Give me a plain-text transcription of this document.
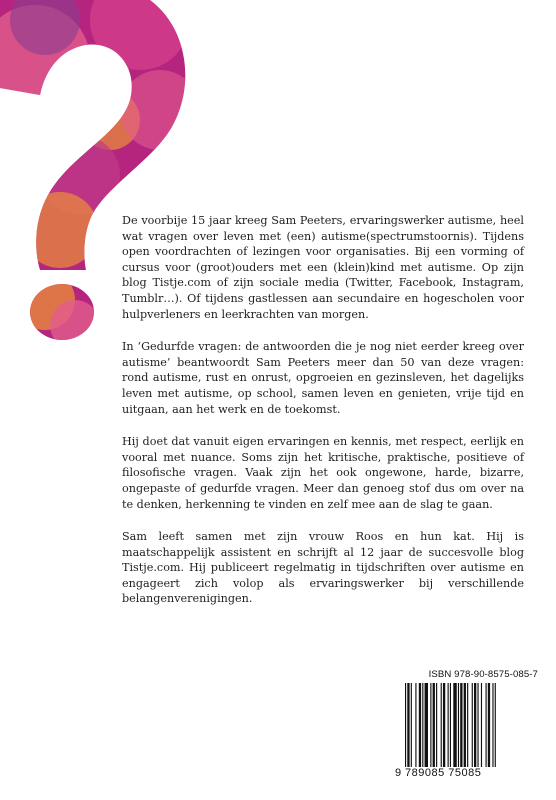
De voorbije 15 jaar kreeg Sam Peeters, ervaringswerker autisme, heel wat vragen over leven met (een) autisme(spectrumstoornis). Tijdens open voordrachten of lezingen voor organisaties. Bij een vorming of cursus voor (groot)ouders met een (klein)kind met autisme. Op zijn blog Tistje.com of zijn sociale media (Twitter, Facebook, Instagram, Tumblr…). Of tijdens gastlessen aan secundaire en hogescholen voor hulpverleners en leerkrachten van morgen.

In ‘Gedurfde vragen: de antwoorden die je nog niet eerder kreeg over autisme’ beantwoordt Sam Peeters meer dan 50 van deze vragen: rond autisme, rust en onrust, opgroeien en gezinsleven, het dagelijks leven met autisme, op school, samen leven en genieten, vrije tijd en uitgaan, aan het werk en de toekomst.

Hij doet dat vanuit eigen ervaringen en kennis, met respect, eerlijk en vooral met nuance. Soms zijn het kritische, praktische, positieve of filosofische vragen. Vaak zijn het ook ongewone, harde, bizarre, ongepaste of gedurfde vragen. Meer dan genoeg stof dus om over na te denken, herkenning te vinden en zelf mee aan de slag te gaan.

Sam leeft samen met zijn vrouw Roos en hun kat. Hij is maatschappelijk assistent en schrijft al 12 jaar de succesvolle blog Tistje.com. Hij publiceert regelmatig in tijdschriften over autisme en engageert zich volop als ervaringswerker bij verschillende belangenverenigingen.

ISBN 978-90-8575-085-7
9 789085 75085
